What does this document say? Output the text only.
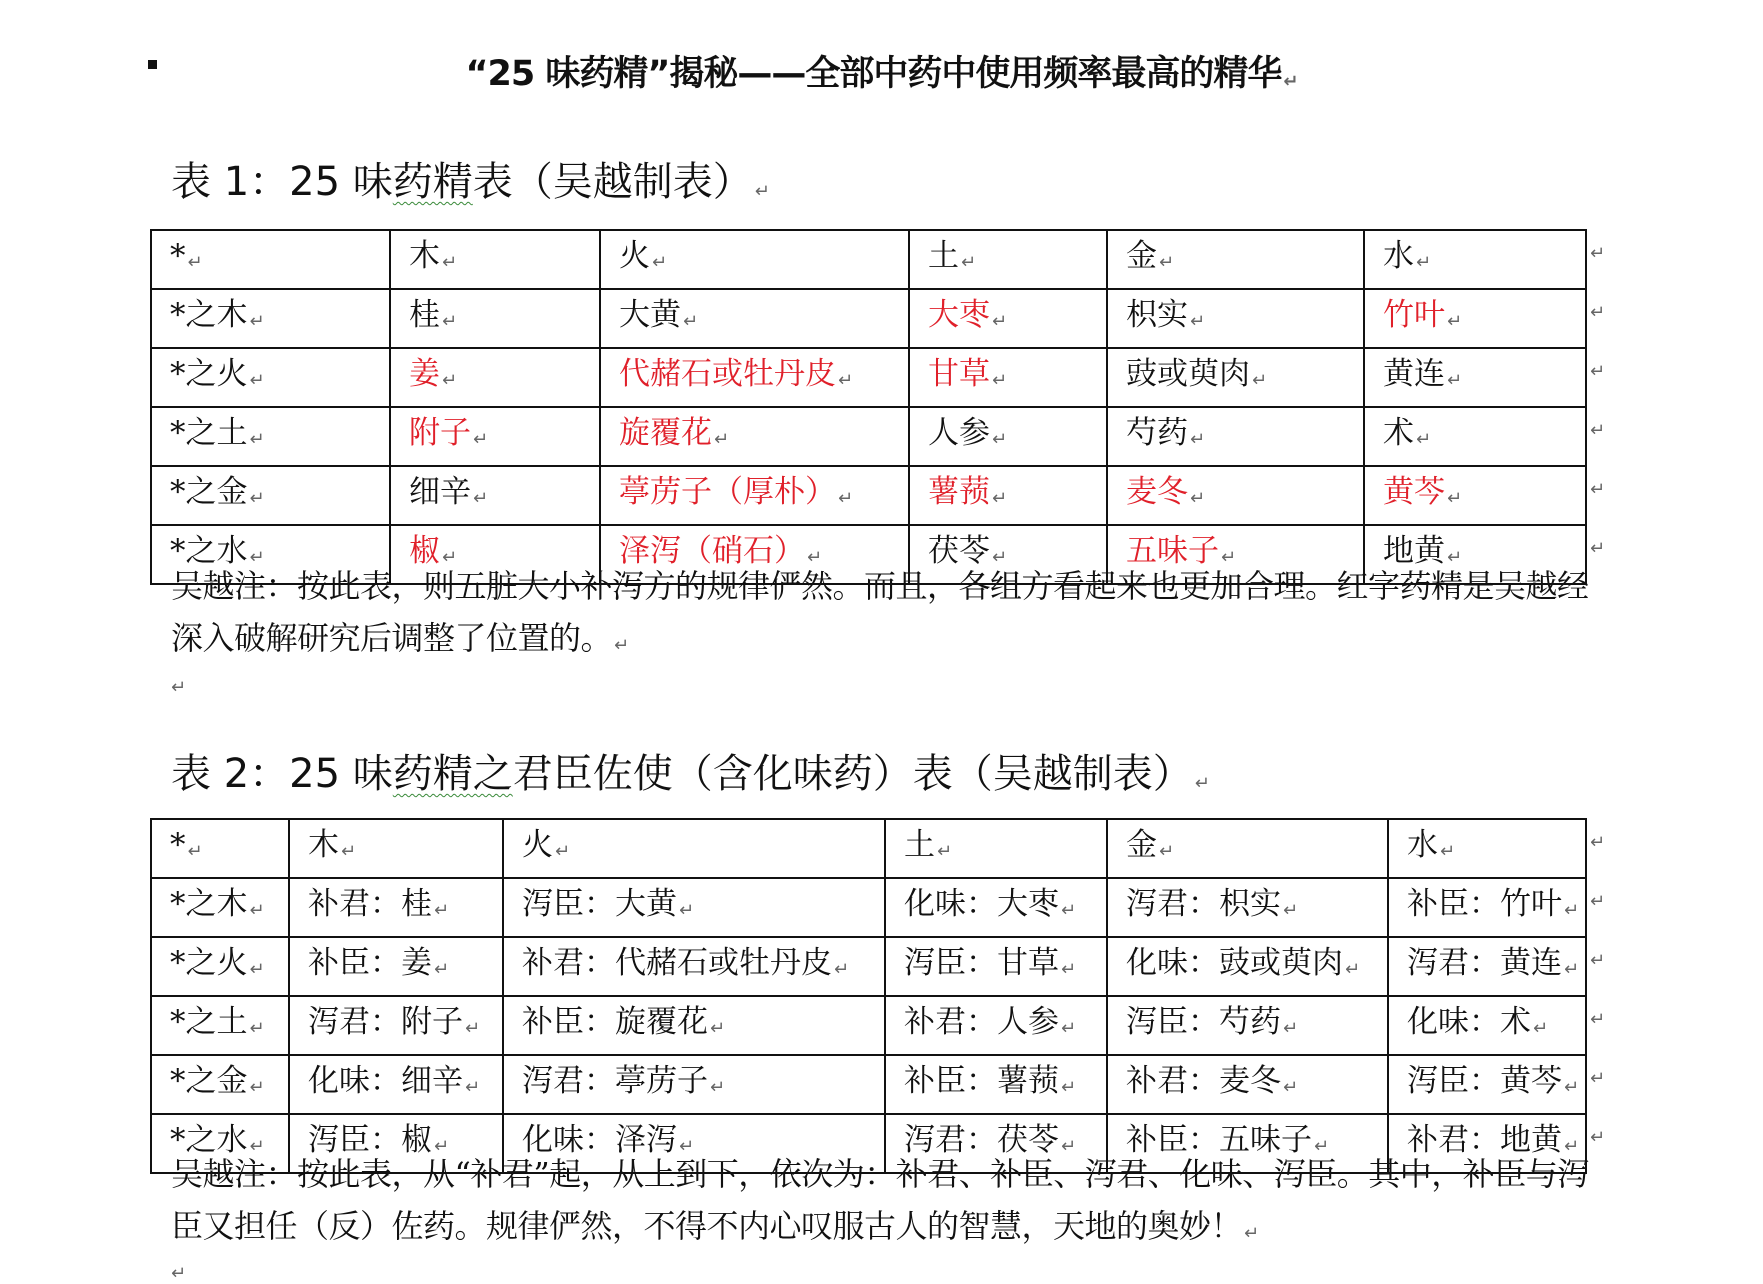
“25 味药精”揭秘——全部中药中使用频率最高的精华 ↵
表 1：25 味药精表（吴越制表） ↵
* ↵	木 ↵	火 ↵	土 ↵	金 ↵	水 ↵
*之木 ↵	桂 ↵	大黄 ↵	大枣 ↵	枳实 ↵	竹叶 ↵
*之火 ↵	姜 ↵	代赭石或牡丹皮 ↵	甘草 ↵	豉或萸肉 ↵	黄连 ↵
*之土 ↵	附子 ↵	旋覆花 ↵	人参 ↵	芍药 ↵	术 ↵
*之金 ↵	细辛 ↵	葶苈子（厚朴） ↵	薯蓣 ↵	麦冬 ↵	黄芩 ↵
*之水 ↵	椒 ↵	泽泻（硝石） ↵	茯苓 ↵	五味子 ↵	地黄 ↵
吴越注：按此表，则五脏大小补泻方的规律俨然。而且，各组方看起来也更加合理。红字药精是吴越经深入破解研究后调整了位置的。 ↵
↵
表 2：25 味药精之君臣佐使（含化味药）表（吴越制表） ↵
* ↵	木 ↵	火 ↵	土 ↵	金 ↵	水 ↵
*之木 ↵	补君：桂 ↵	泻臣：大黄 ↵	化味：大枣 ↵	泻君：枳实 ↵	补臣：竹叶 ↵
*之火 ↵	补臣：姜 ↵	补君：代赭石或牡丹皮 ↵	泻臣：甘草 ↵	化味：豉或萸肉 ↵	泻君：黄连 ↵
*之土 ↵	泻君：附子 ↵	补臣：旋覆花 ↵	补君：人参 ↵	泻臣：芍药 ↵	化味：术 ↵
*之金 ↵	化味：细辛 ↵	泻君：葶苈子 ↵	补臣：薯蓣 ↵	补君：麦冬 ↵	泻臣：黄芩 ↵
*之水 ↵	泻臣：椒 ↵	化味：泽泻 ↵	泻君：茯苓 ↵	补臣：五味子 ↵	补君：地黄 ↵
吴越注：按此表，从“补君”起，从上到下，依次为：补君、补臣、泻君、化味、泻臣。其中，补臣与泻臣又担任（反）佐药。规律俨然，不得不内心叹服古人的智慧，天地的奥妙！ ↵
↵
↵
↵
↵
↵
↵
↵
↵
↵
↵
↵
↵
↵
